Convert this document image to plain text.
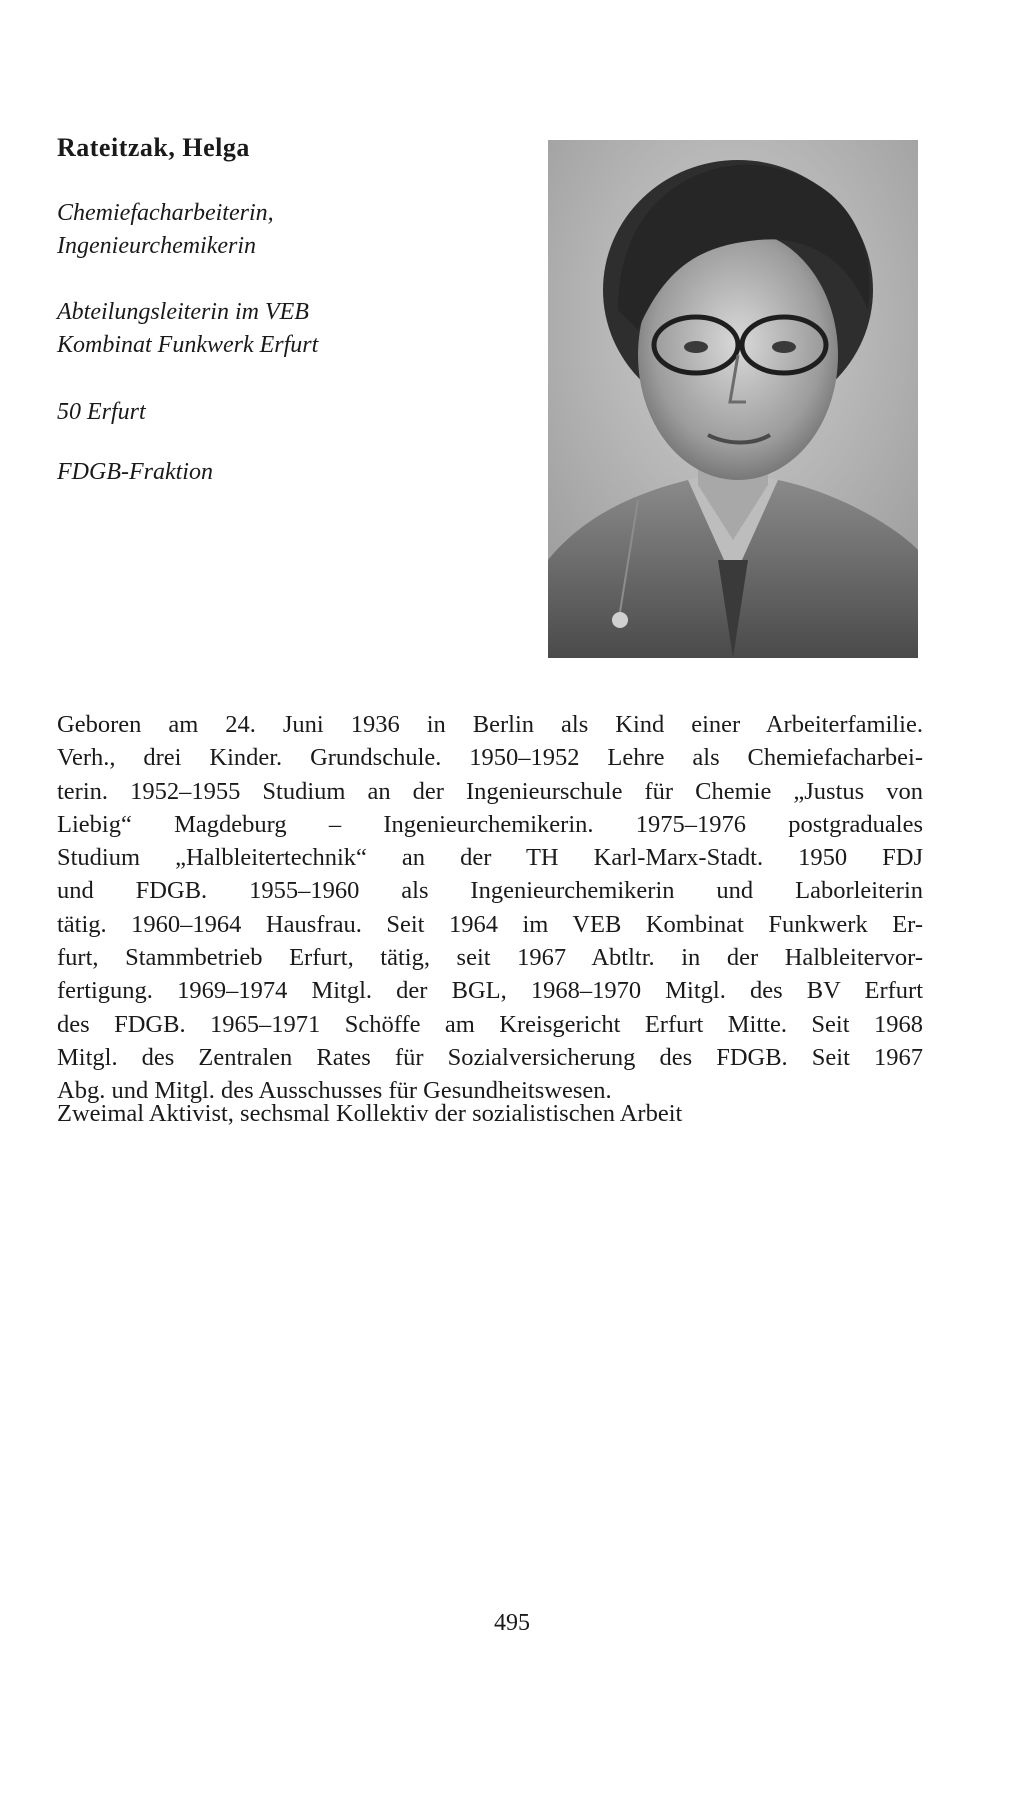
Rateitzak, Helga

Chemiefacharbeiterin,
Ingenieurchemikerin

Abteilungsleiterin im VEB
Kombinat Funkwerk Erfurt

50 Erfurt

FDGB-Fraktion

Geboren am 24. Juni 1936 in Berlin als Kind einer Arbeiterfamilie.
Verh., drei Kinder. Grundschule. 1950–1952 Lehre als Chemiefacharbei-
terin. 1952–1955 Studium an der Ingenieurschule für Chemie „Justus von
Liebig“ Magdeburg – Ingenieurchemikerin. 1975–1976 postgraduales
Studium „Halbleitertechnik“ an der TH Karl-Marx-Stadt. 1950 FDJ
und FDGB. 1955–1960 als Ingenieurchemikerin und Laborleiterin
tätig. 1960–1964 Hausfrau. Seit 1964 im VEB Kombinat Funkwerk Er-
furt, Stammbetrieb Erfurt, tätig, seit 1967 Abtltr. in der Halbleitervor-
fertigung. 1969–1974 Mitgl. der BGL, 1968–1970 Mitgl. des BV Erfurt
des FDGB. 1965–1971 Schöffe am Kreisgericht Erfurt Mitte. Seit 1968
Mitgl. des Zentralen Rates für Sozialversicherung des FDGB. Seit 1967
Abg. und Mitgl. des Ausschusses für Gesundheitswesen.

Zweimal Aktivist, sechsmal Kollektiv der sozialistischen Arbeit

495
